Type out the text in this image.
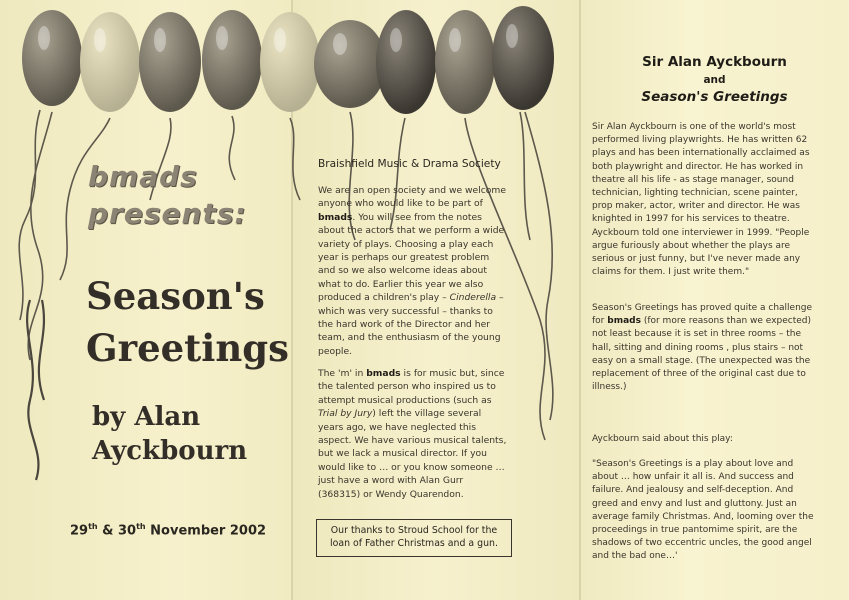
bmads
presents:
Season's
Greetings
by Alan
Ayckbourn
29th & 30th November 2002
Braishfield Music & Drama Society
We are an open society and we welcome anyone who would like to be part of bmads. You will see from the notes about the actors that we perform a wide variety of plays. Choosing a play each year is perhaps our greatest problem and so we also welcome ideas about what to do. Earlier this year we also produced a children's play – Cinderella – which was very successful – thanks to the hard work of the Director and her team, and the enthusiasm of the young people.
The 'm' in bmads is for music but, since the talented person who inspired us to attempt musical productions (such as Trial by Jury) left the village several years ago, we have neglected this aspect. We have various musical talents, but we lack a musical director. If you would like to … or you know someone … just have a word with Alan Gurr (368315) or Wendy Quarendon.
Our thanks to Stroud School for the loan of Father Christmas and a gun.
Sir Alan Ayckbourn
and
Season's Greetings
Sir Alan Ayckbourn is one of the world's most performed living playwrights. He has written 62 plays and has been internationally acclaimed as both playwright and director. He has worked in theatre all his life - as stage manager, sound technician, lighting technician, scene painter, prop maker, actor, writer and director. He was knighted in 1997 for his services to theatre. Ayckbourn told one interviewer in 1999. "People argue furiously about whether the plays are serious or just funny, but I've never made any claims for them. I just write them."
Season's Greetings has proved quite a challenge for bmads (for more reasons than we expected) not least because it is set in three rooms – the hall, sitting and dining rooms , plus stairs – not easy on a small stage. (The unexpected was the replacement of three of the original cast due to illness.)
Ayckbourn said about this play:
"Season's Greetings is a play about love and about … how unfair it all is. And success and failure. And jealousy and self-deception. And greed and envy and lust and gluttony. Just an average family Christmas. And, looming over the proceedings in true pantomime spirit, are the shadows of two eccentric uncles, the good angel and the bad one…'
